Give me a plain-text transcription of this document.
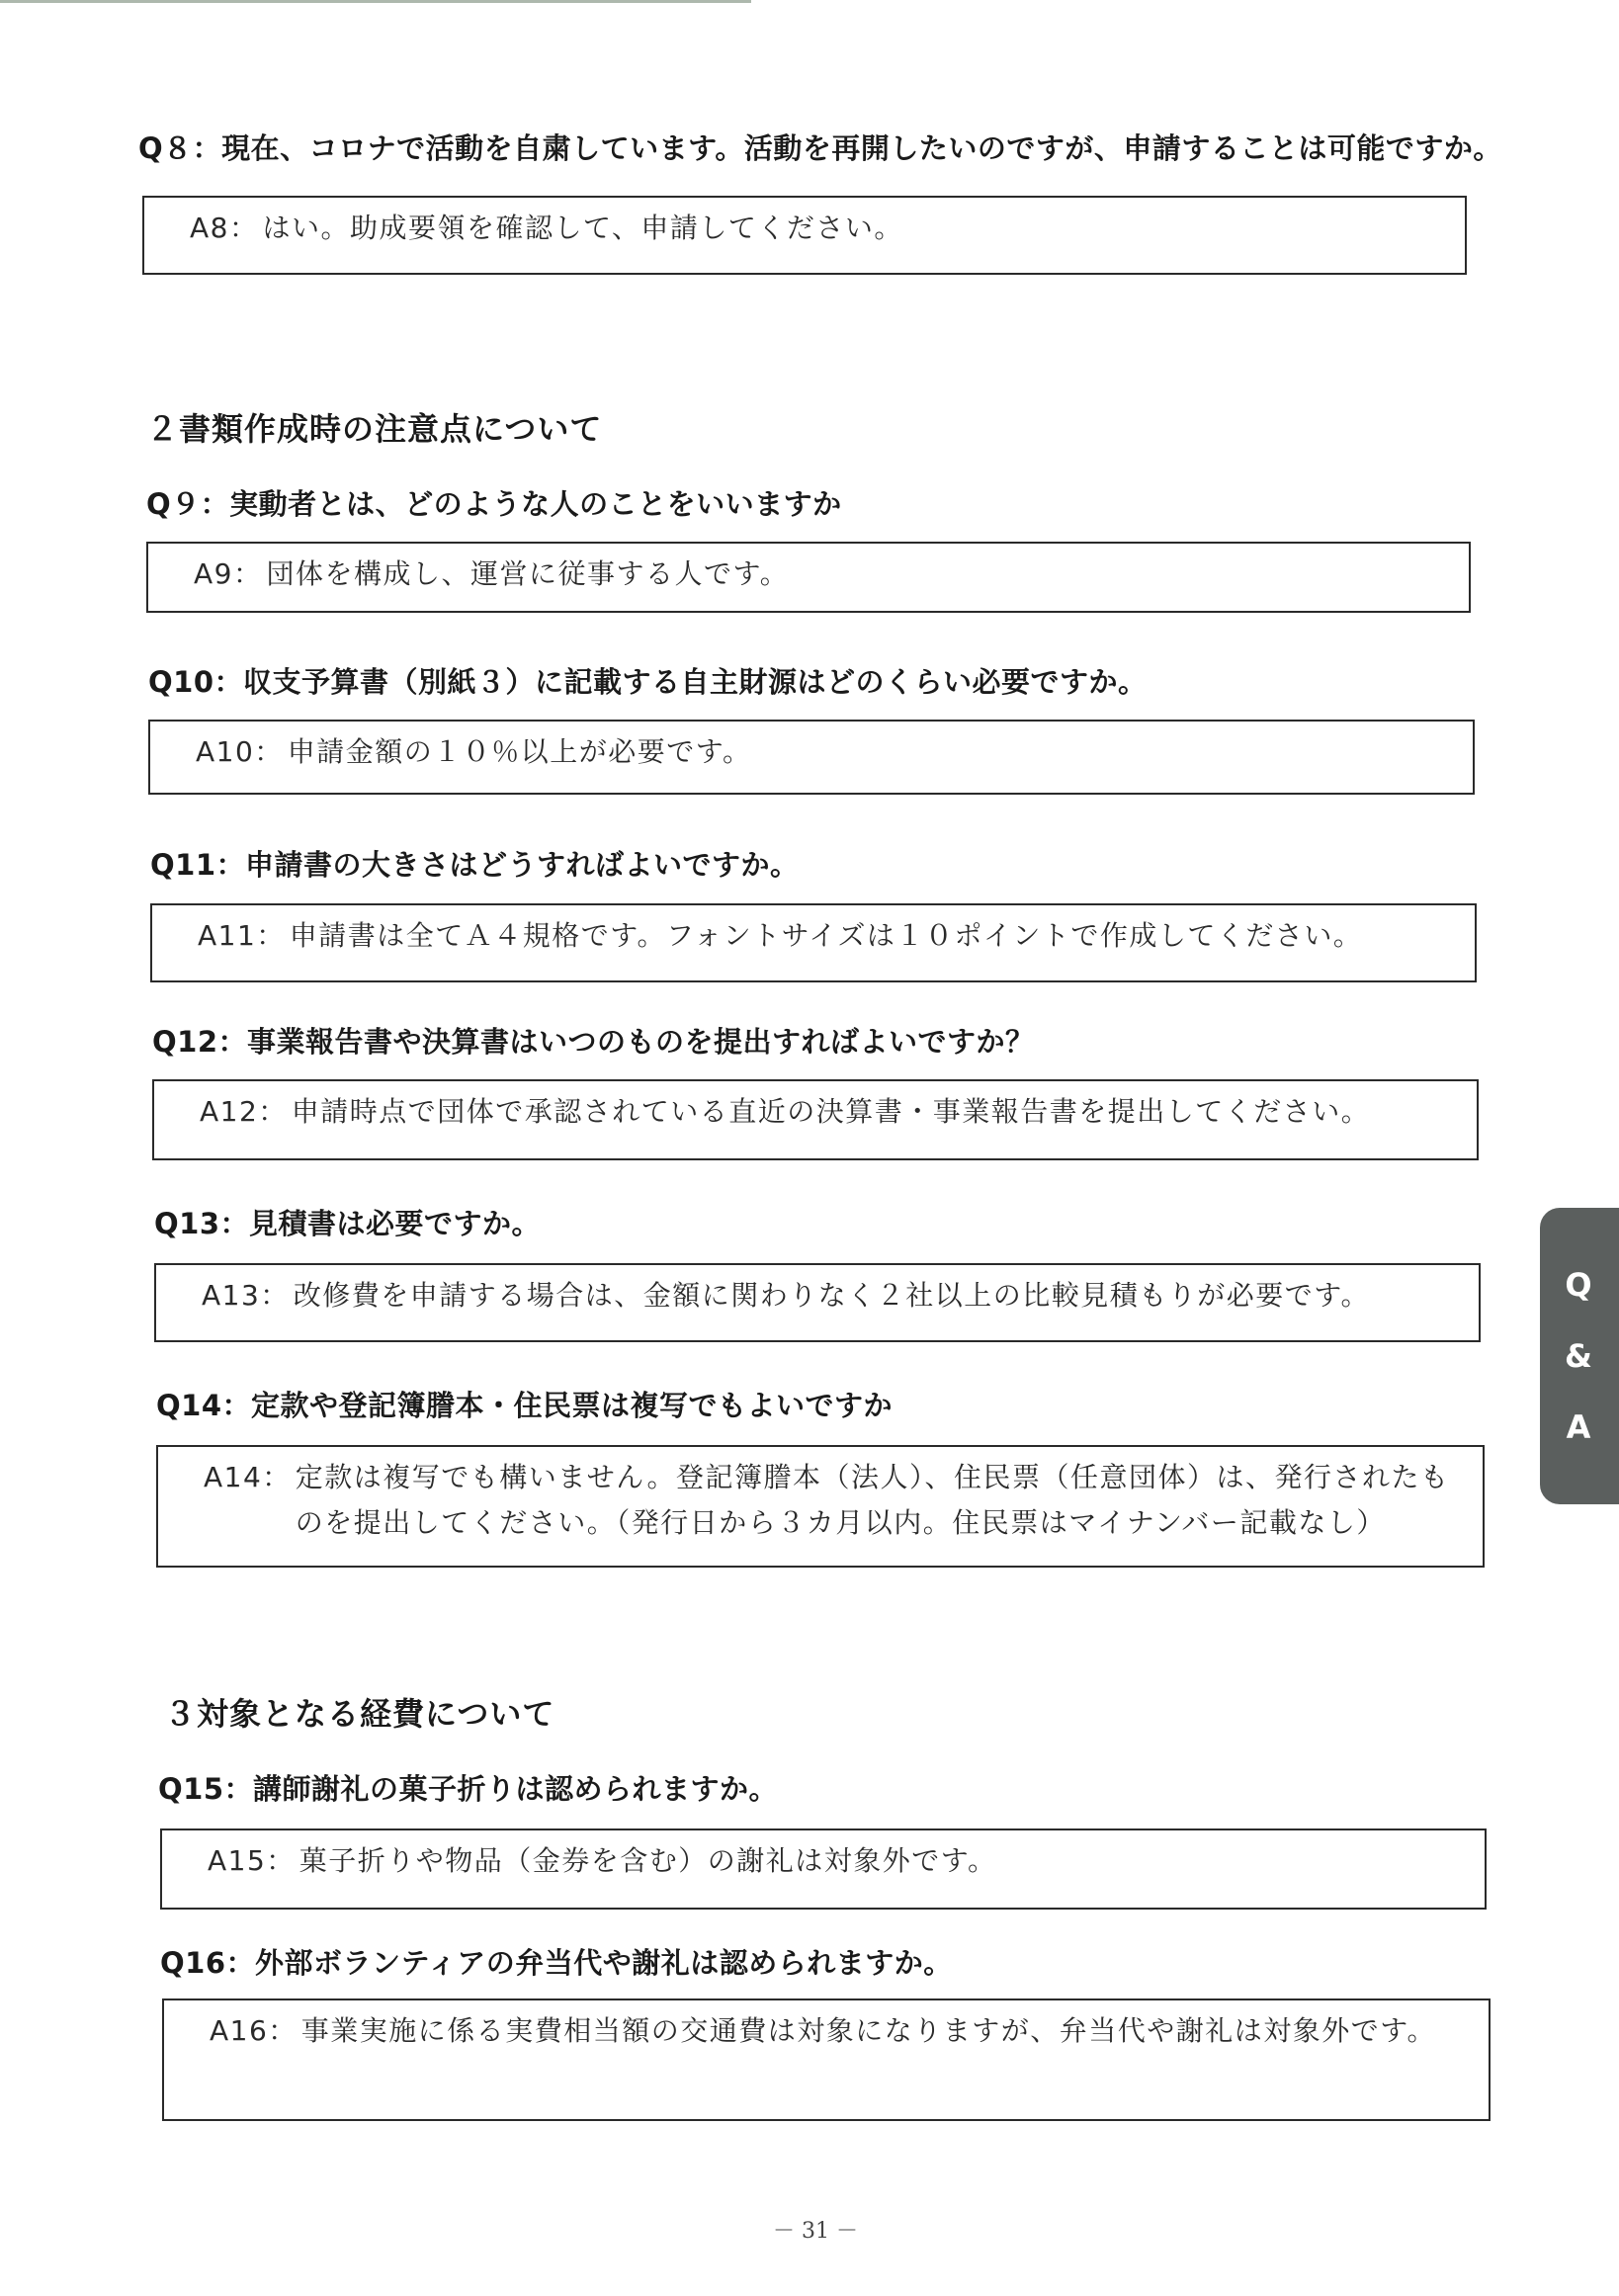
Q８：現在、コロナで活動を自粛しています。活動を再開したいのですが、申請することは可能ですか。
A8： はい。助成要領を確認して、申請してください。
２書類作成時の注意点について
Q９：実動者とは、どのような人のことをいいますか
A9： 団体を構成し、運営に従事する人です。
Q10：収支予算書（別紙３）に記載する自主財源はどのくらい必要ですか。
A10： 申請金額の１０％以上が必要です。
Q11：申請書の大きさはどうすればよいですか。
A11： 申請書は全てＡ４規格です。フォントサイズは１０ポイントで作成してください。
Q12：事業報告書や決算書はいつのものを提出すればよいですか？
A12： 申請時点で団体で承認されている直近の決算書・事業報告書を提出してください。
Q13：見積書は必要ですか。
A13： 改修費を申請する場合は、金額に関わりなく２社以上の比較見積もりが必要です。
Q14：定款や登記簿謄本・住民票は複写でもよいですか
A14： 定款は複写でも構いません。登記簿謄本（法人）、住民票（任意団体）は、発行されたものを提出してください。（発行日から３カ月以内。住民票はマイナンバー記載なし）
３対象となる経費について
Q15：講師謝礼の菓子折りは認められますか。
A15： 菓子折りや物品（金券を含む）の謝礼は対象外です。
Q16：外部ボランティアの弁当代や謝礼は認められますか。
A16： 事業実施に係る実費相当額の交通費は対象になりますが、弁当代や謝礼は対象外です。
Q
&
A
－ 31 －
